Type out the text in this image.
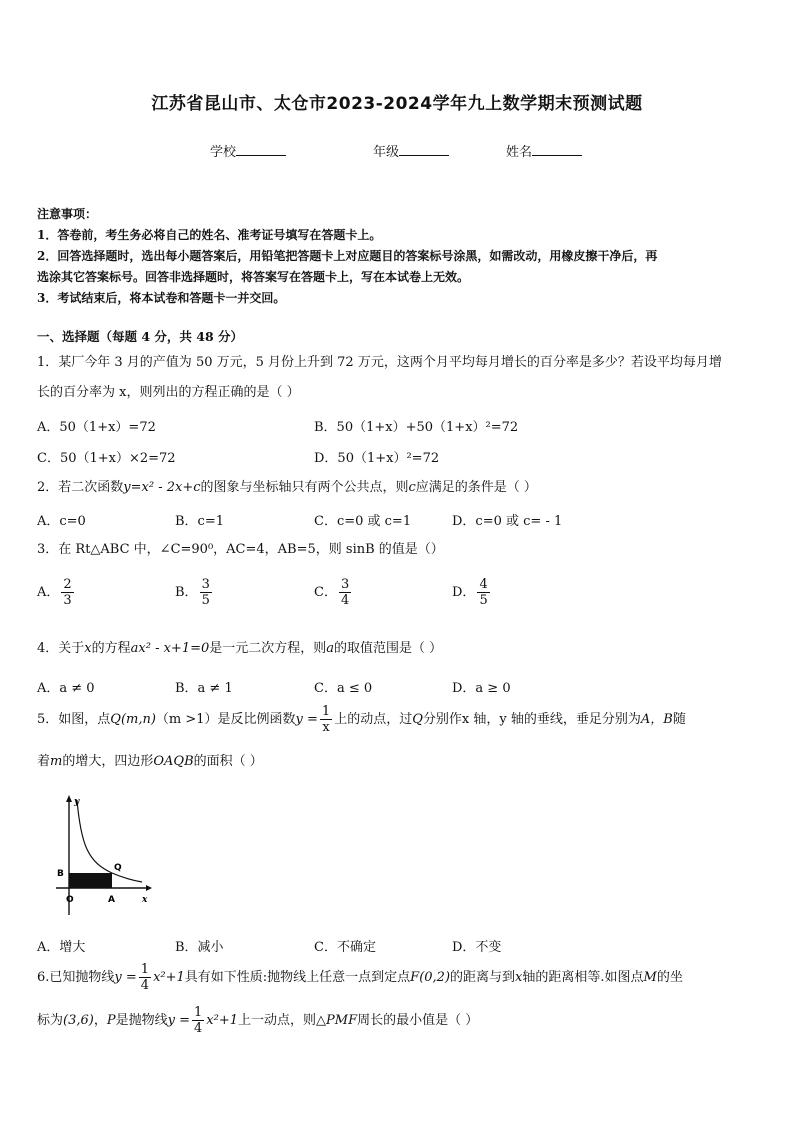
江苏省昆山市、太仓市2023-2024学年九上数学期末预测试题
学校	年级	姓名
注意事项：
1．答卷前，考生务必将自己的姓名、准考证号填写在答题卡上。
2．回答选择题时，选出每小题答案后，用铅笔把答题卡上对应题目的答案标号涂黑，如需改动，用橡皮擦干净后，再
选涂其它答案标号。回答非选择题时，将答案写在答题卡上，写在本试卷上无效。
3．考试结束后，将本试卷和答题卡一并交回。
一、选择题（每题 4 分，共 48 分）
1．某厂今年 3 月的产值为 50 万元，5 月份上升到 72 万元，这两个月平均每月增长的百分率是多少？若设平均每月增
长的百分率为 x，则列出的方程正确的是（ ）
A．50（1+x）=72	B．50（1+x）+50（1+x）²=72
C．50（1+x）×2=72	D．50（1+x）²=72
2．若二次函数y=x² - 2x+c的图象与坐标轴只有两个公共点，则c应满足的条件是（ ）
A．c=0	B．c=1	C．c=0 或 c=1	D．c=0 或 c= - 1
3．在 Rt△ABC 中，∠C=90⁰，AC=4，AB=5，则 sinB 的值是（）
A． $\frac{2}{3}$	B． $\frac{3}{5}$	C． $\frac{3}{4}$	D． $\frac{4}{5}$
4．关于x的方程ax² - x+1=0是一元二次方程，则a的取值范围是（ ）
A．a ≠ 0	B．a ≠ 1	C．a ≤ 0	D．a ≥ 0
5．如图，点Q(m,n)（m >1）是反比例函数$y = \frac{1}{x}$ 上的动点，过Q分别作x 轴，y 轴的垂线，垂足分别为A，B随
着m的增大，四边形OAQB的面积（ ）
y
x
O	A
B
Q
A．增大	B．减小	C．不确定	D．不变
6.已知抛物线$y = \frac{1}{4} x^2+1$具有如下性质:抛物线上任意一点到定点F(0,2)的距离与到x轴的距离相等.如图点M的坐
标为(3,6)，P是抛物线$y = \frac{1}{4} x^2+1$上一动点，则△PMF周长的最小值是（ ）
